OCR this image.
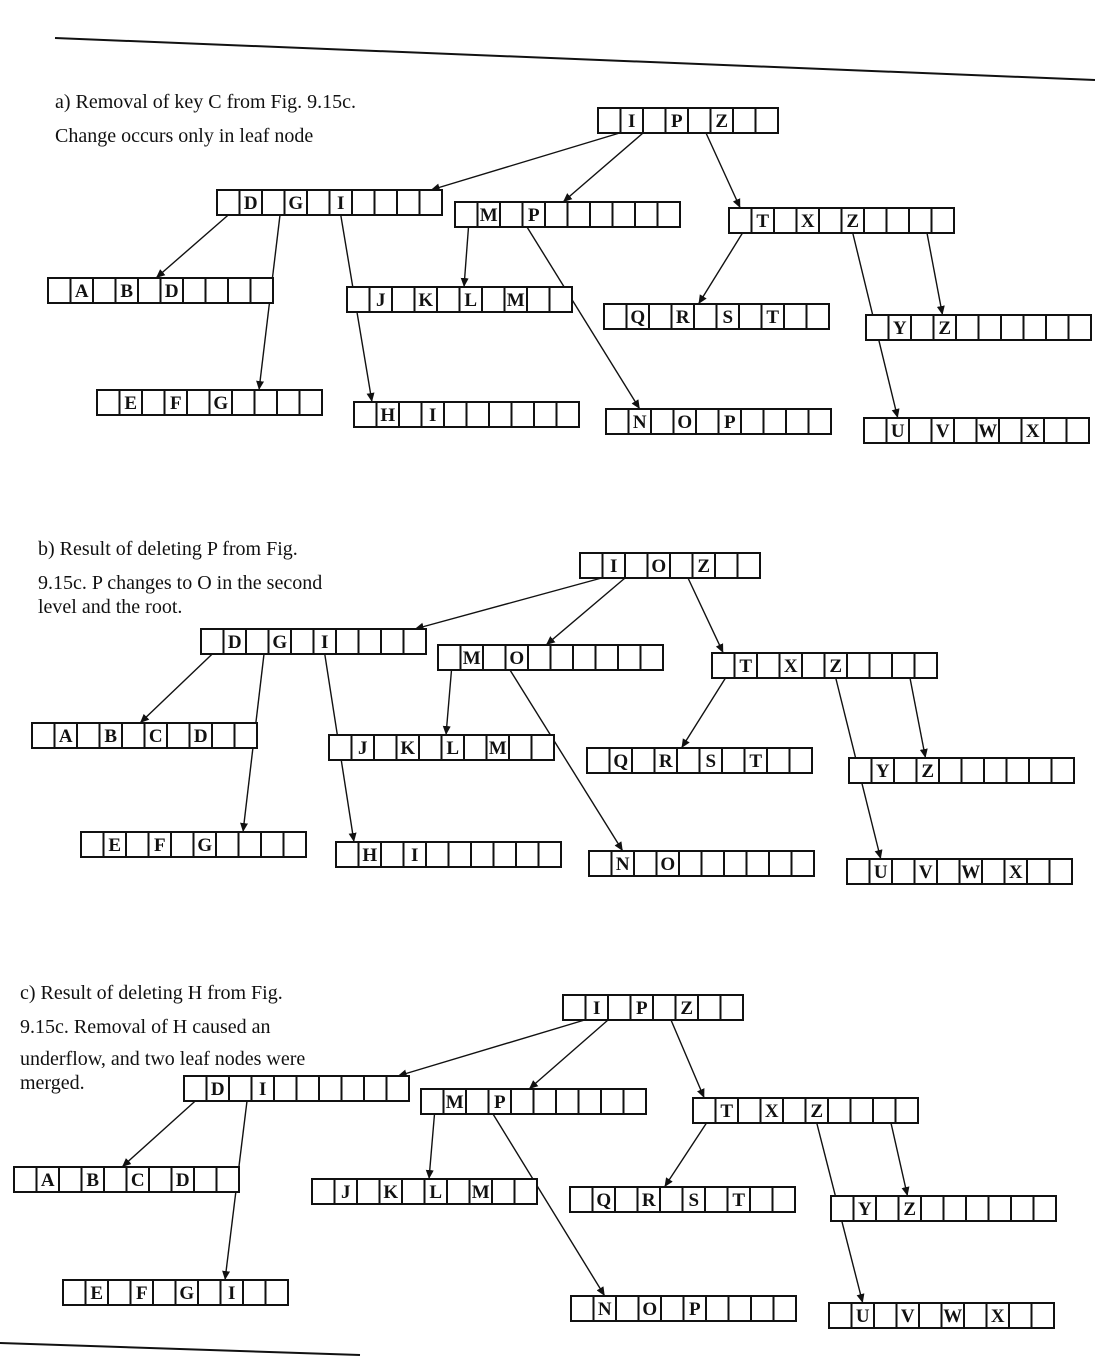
I P Z
D G I
M P	T X Z
A B D
E F G
H I
J K L M
N O P
Q R S T
U V W X
Y Z
I O Z
D G I
M O	T X Z
A B C D
E F G	H I
J K L M
N O
Q R S T
U V W X
Y Z
I P Z
D I
M P	T X Z
A B C D
E F G I
J K L M
N O P
Q R S T
U V W X
Y Z
a) Removal of key C from Fig. 9.15c.
Change occurs only in leaf node
b) Result of deleting P from Fig.
9.15c. P changes to O in the second
level and the root.
c) Result of deleting H from Fig.
9.15c. Removal of H caused an
underflow, and two leaf nodes were
merged.
